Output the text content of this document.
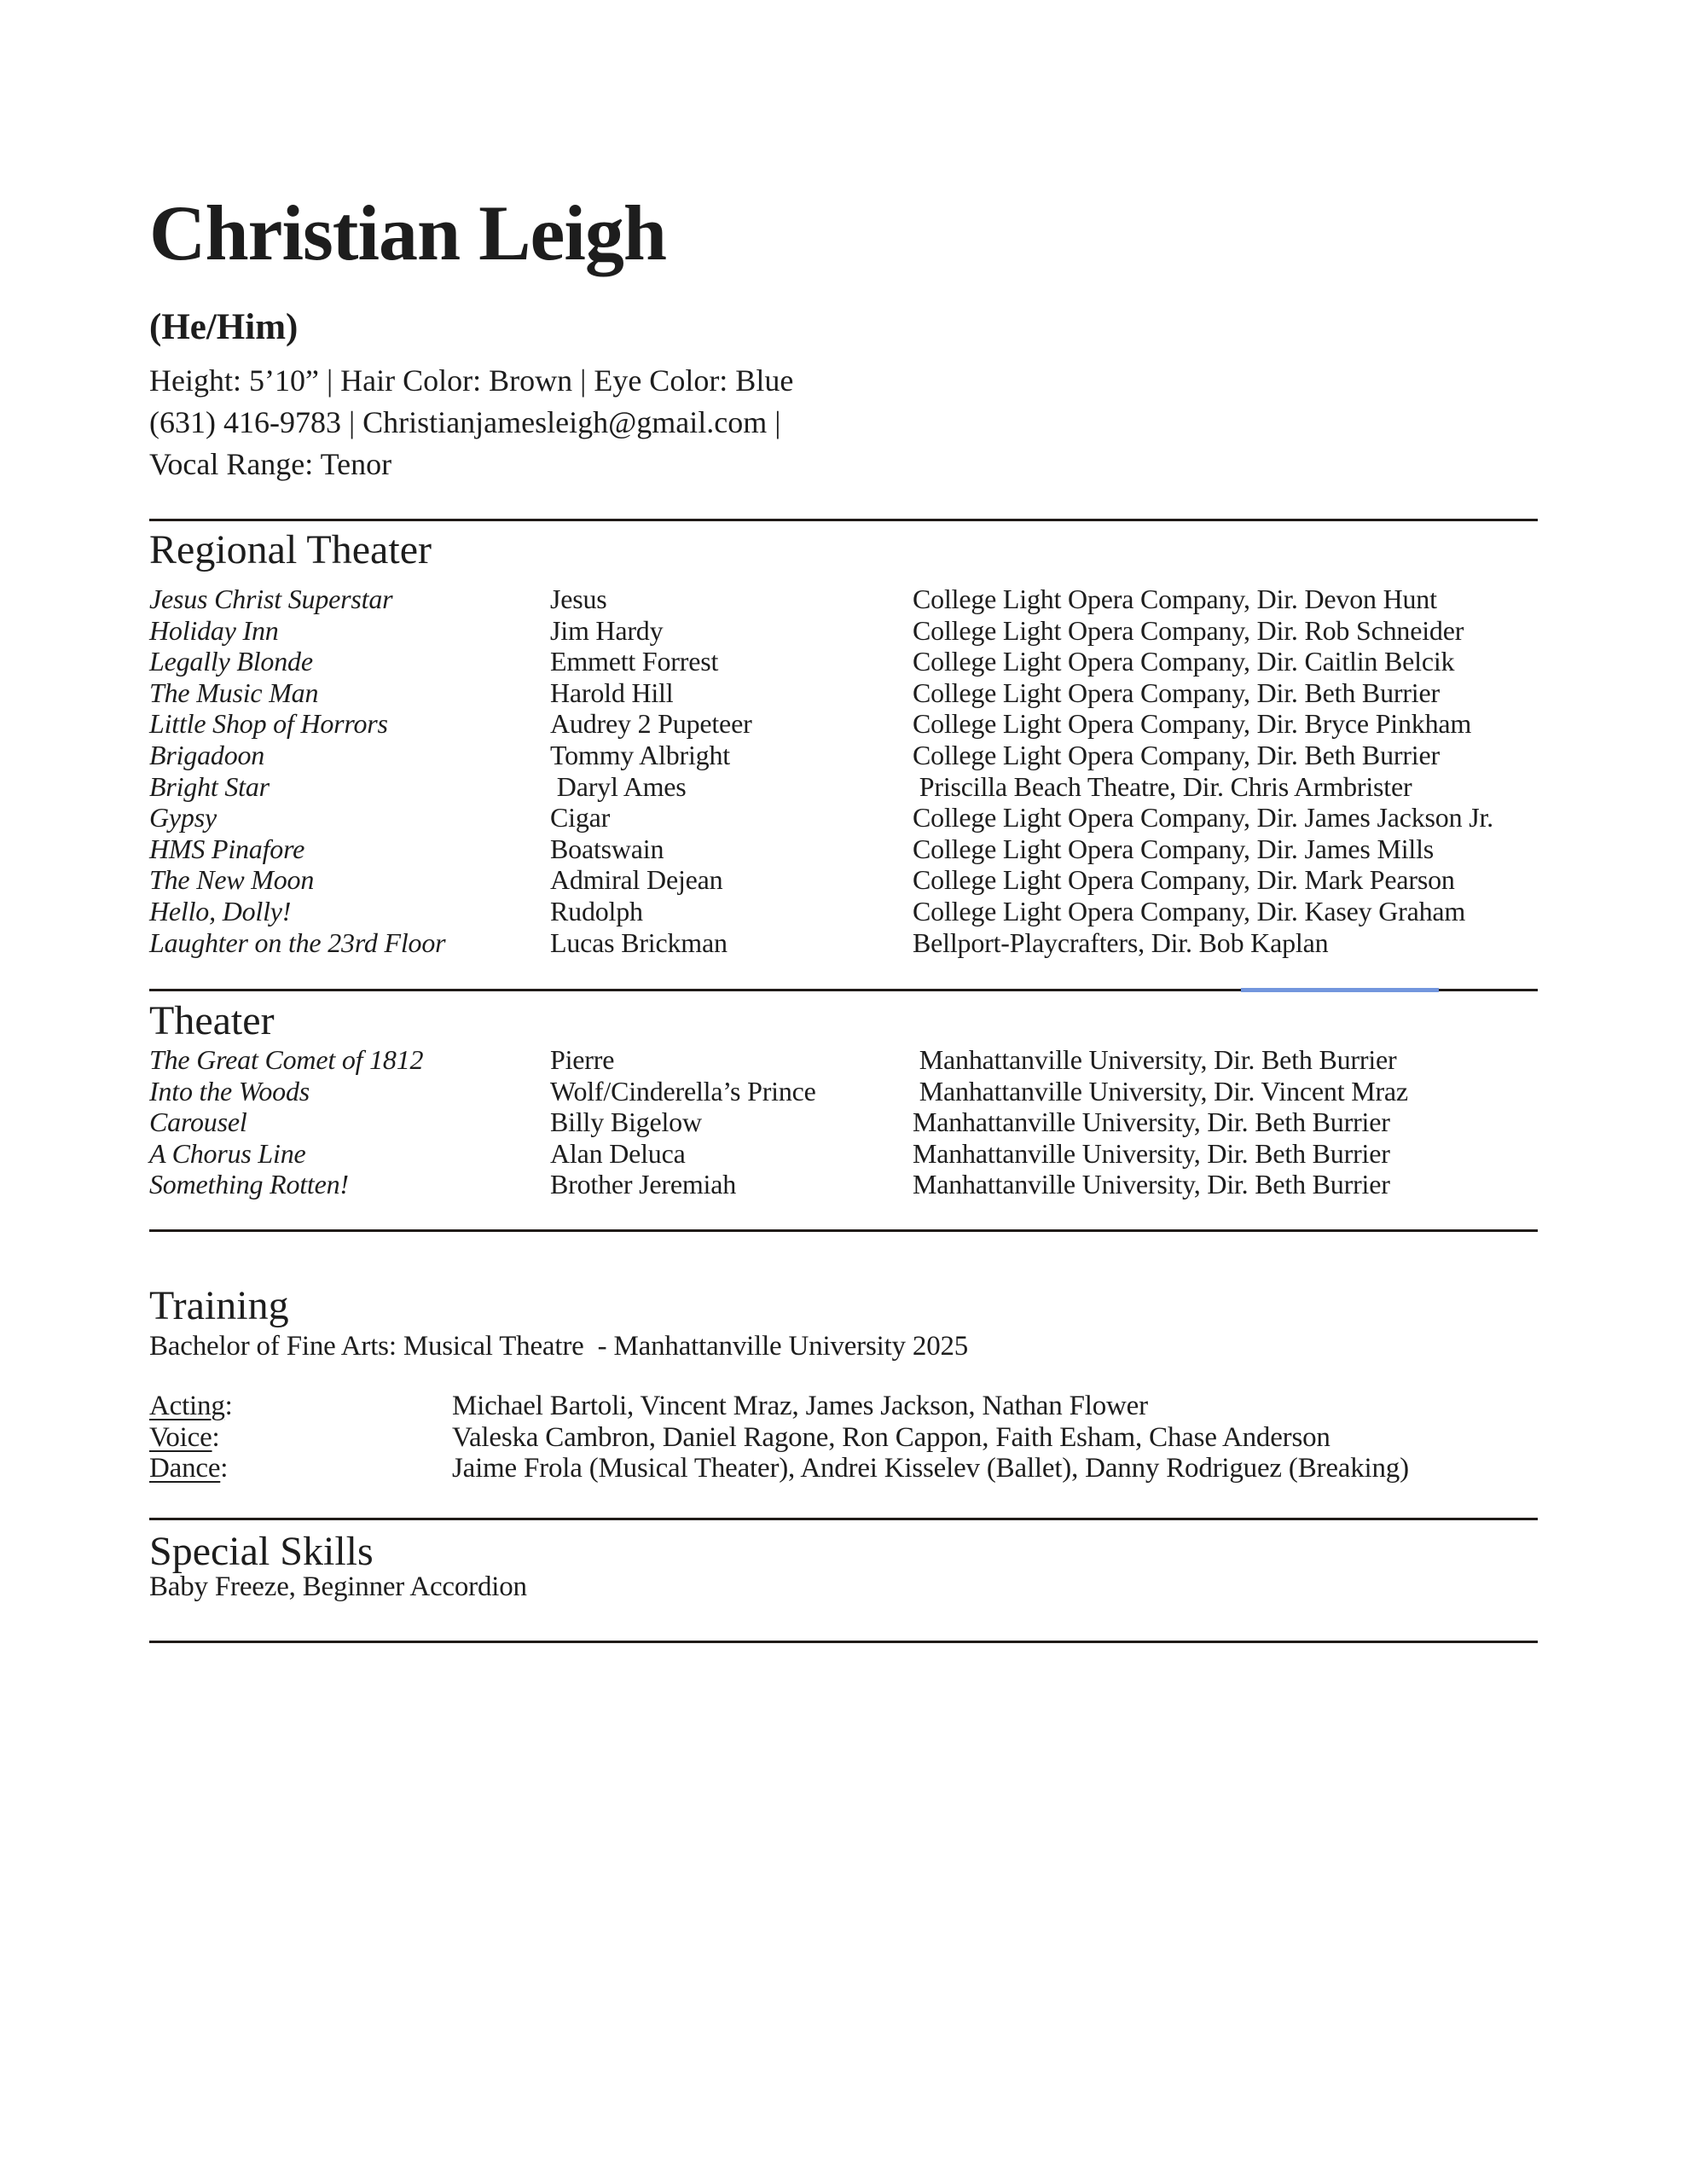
Christian Leigh
(He/Him)
Height: 5’10” | Hair Color: Brown | Eye Color: Blue
(631) 416-9783 | Christianjamesleigh@gmail.com |
Vocal Range: Tenor
Regional Theater
Jesus Christ Superstar	Jesus	College Light Opera Company, Dir. Devon Hunt
Holiday Inn	Jim Hardy	College Light Opera Company, Dir. Rob Schneider
Legally Blonde	Emmett Forrest	College Light Opera Company, Dir. Caitlin Belcik
The Music Man	Harold Hill	College Light Opera Company, Dir. Beth Burrier
Little Shop of Horrors	Audrey 2 Pupeteer	College Light Opera Company, Dir. Bryce Pinkham
Brigadoon	Tommy Albright	College Light Opera Company, Dir. Beth Burrier
Bright Star	Daryl Ames	Priscilla Beach Theatre, Dir. Chris Armbrister
Gypsy	Cigar	College Light Opera Company, Dir. James Jackson Jr.
HMS Pinafore	Boatswain	College Light Opera Company, Dir. James Mills
The New Moon	Admiral Dejean	College Light Opera Company, Dir. Mark Pearson
Hello, Dolly!	Rudolph	College Light Opera Company, Dir. Kasey Graham
Laughter on the 23rd Floor	Lucas Brickman	Bellport-Playcrafters, Dir. Bob Kaplan
Theater
The Great Comet of 1812	Pierre	Manhattanville University, Dir. Beth Burrier
Into the Woods	Wolf/Cinderella’s Prince	Manhattanville University, Dir. Vincent Mraz
Carousel	Billy Bigelow	Manhattanville University, Dir. Beth Burrier
A Chorus Line	Alan Deluca	Manhattanville University, Dir. Beth Burrier
Something Rotten!	Brother Jeremiah	Manhattanville University, Dir. Beth Burrier
Training
Bachelor of Fine Arts: Musical Theatre  - Manhattanville University 2025
Acting:	Michael Bartoli, Vincent Mraz, James Jackson, Nathan Flower
Voice:	Valeska Cambron, Daniel Ragone, Ron Cappon, Faith Esham, Chase Anderson
Dance:	Jaime Frola (Musical Theater), Andrei Kisselev (Ballet), Danny Rodriguez (Breaking)
Special Skills
Baby Freeze, Beginner Accordion
